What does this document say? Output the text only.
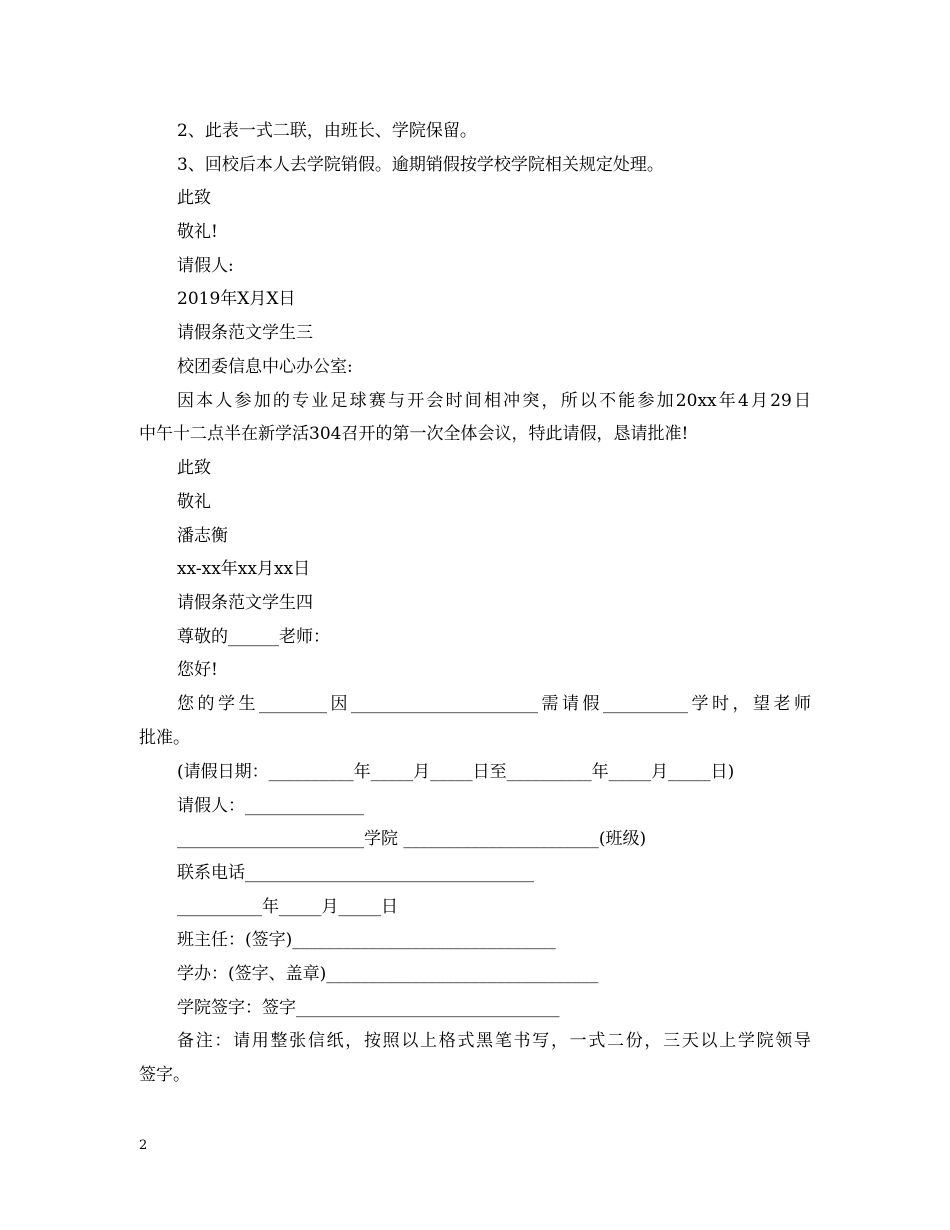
2、此表一式二联，由班长、学院保留。
3、回校后本人去学院销假。逾期销假按学校学院相关规定处理。
此致
敬礼!
请假人:
2019年X月X日
请假条范文学生三
校团委信息中心办公室:
因本人参加的专业足球赛与开会时间相冲突，所以不能参加20xx年4月29日
中午十二点半在新学活304召开的第一次全体会议，特此请假，恳请批准!
此致
敬礼
潘志衡
xx-xx年xx月xx日
请假条范文学生四
尊敬的______老师：
您好!
您的学生________因______________________需请假__________学时，望老师
批准。
(请假日期：__________年_____月_____日至__________年_____月_____日)
请假人：______________
______________________学院 _______________________(班级)
联系电话__________________________________
__________年_____月_____日
班主任：(签字)_______________________________
学办：(签字、盖章)________________________________
学院签字：签字_______________________________
备注：请用整张信纸，按照以上格式黑笔书写，一式二份，三天以上学院领导
签字。
2
